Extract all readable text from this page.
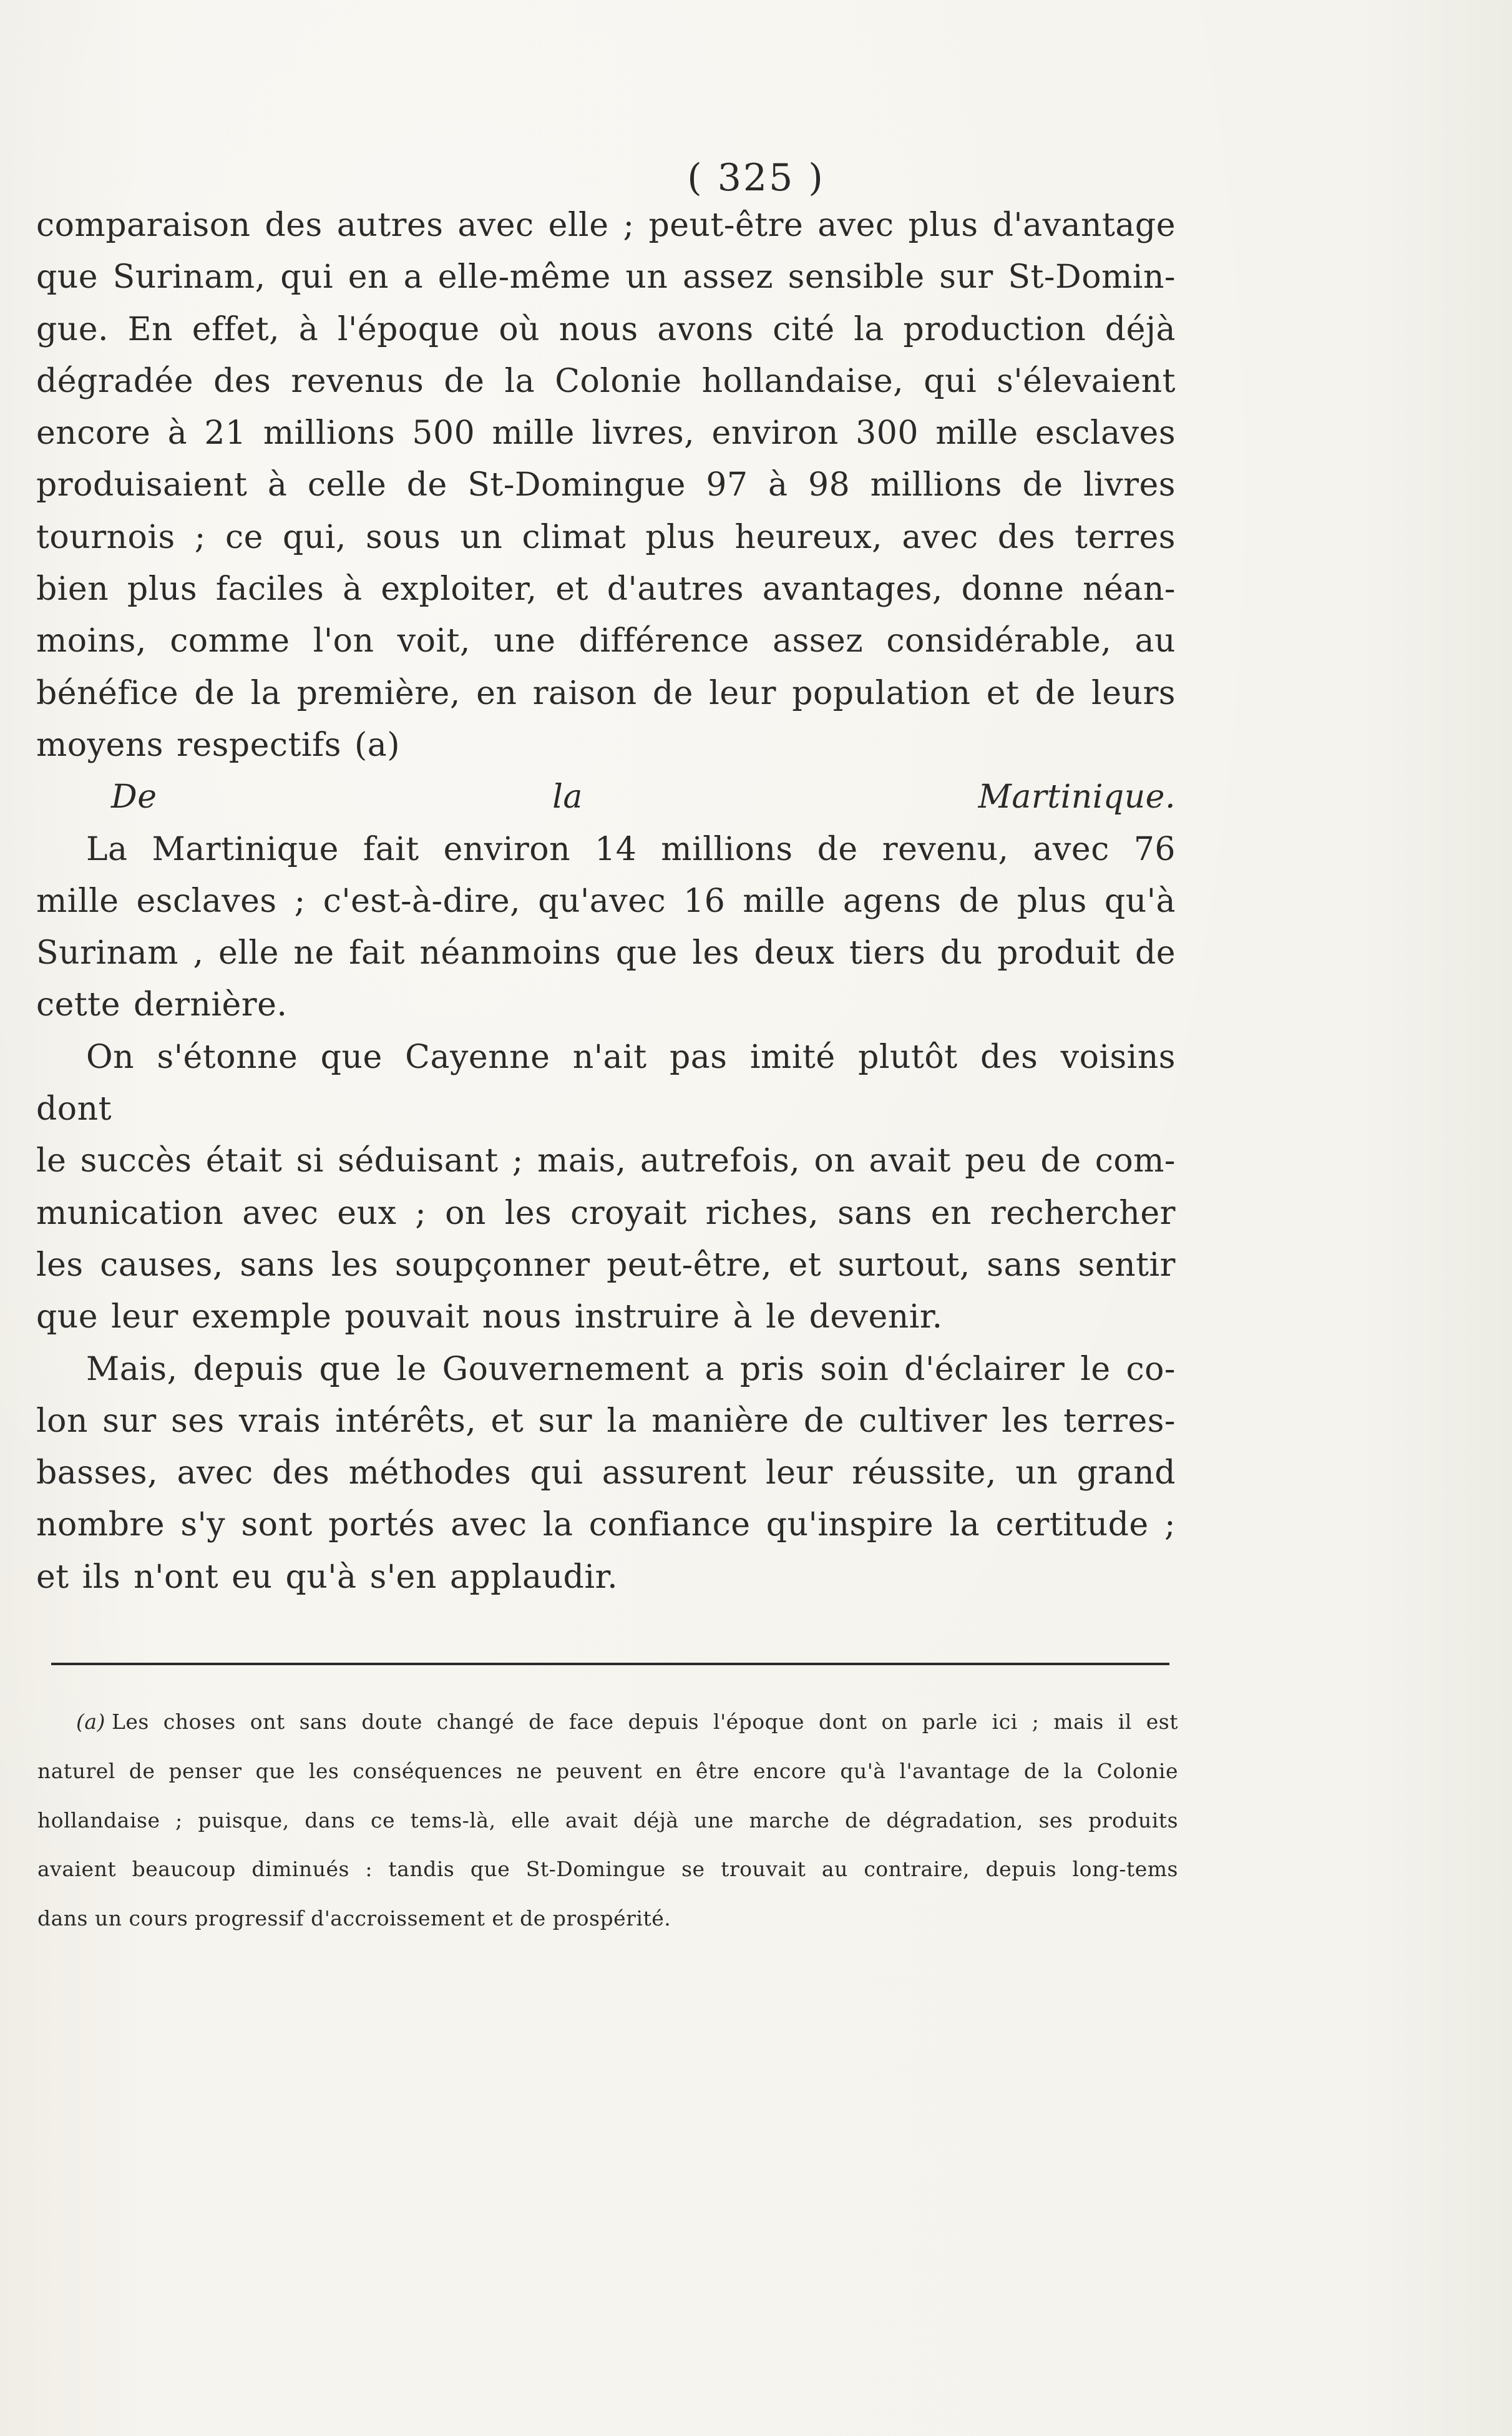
( 325 )

comparaison des autres avec elle ; peut-être avec plus d'avantage

que Surinam, qui en a elle-même un assez sensible sur St-Domin-

gue. En effet, à l'époque où nous avons cité la production déjà

dégradée des revenus de la Colonie hollandaise, qui s'élevaient

encore à 21 millions 500 mille livres, environ 300 mille esclaves

produisaient à celle de St-Domingue 97 à 98 millions de livres

tournois ; ce qui, sous un climat plus heureux, avec des terres

bien plus faciles à exploiter, et d'autres avantages, donne néan-

moins, comme l'on voit, une différence assez considérable, au

bénéfice de la première, en raison de leur population et de leurs

moyens respectifs (a)

De la Martinique.

La Martinique fait environ 14 millions de revenu, avec 76

mille esclaves ; c'est-à-dire, qu'avec 16 mille agens de plus qu'à

Surinam , elle ne fait néanmoins que les deux tiers du produit de

cette dernière.

On s'étonne que Cayenne n'ait pas imité plutôt des voisins dont

le succès était si séduisant ; mais, autrefois, on avait peu de com-

munication avec eux ; on les croyait riches, sans en rechercher

les causes, sans les soupçonner peut-être, et surtout, sans sentir

que leur exemple pouvait nous instruire à le devenir.

Mais, depuis que le Gouvernement a pris soin d'éclairer le co-

lon sur ses vrais intérêts, et sur la manière de cultiver les terres-

basses, avec des méthodes qui assurent leur réussite, un grand

nombre s'y sont portés avec la confiance qu'inspire la certitude ;

et ils n'ont eu qu'à s'en applaudir.

(a) Les choses ont sans doute changé de face depuis l'époque dont on parle ici ; mais il est

naturel de penser que les conséquences ne peuvent en être encore qu'à l'avantage de la Colonie

hollandaise ; puisque, dans ce tems-là, elle avait déjà une marche de dégradation, ses produits

avaient beaucoup diminués : tandis que St-Domingue se trouvait au contraire, depuis long-tems

dans un cours progressif d'accroissement et de prospérité.
